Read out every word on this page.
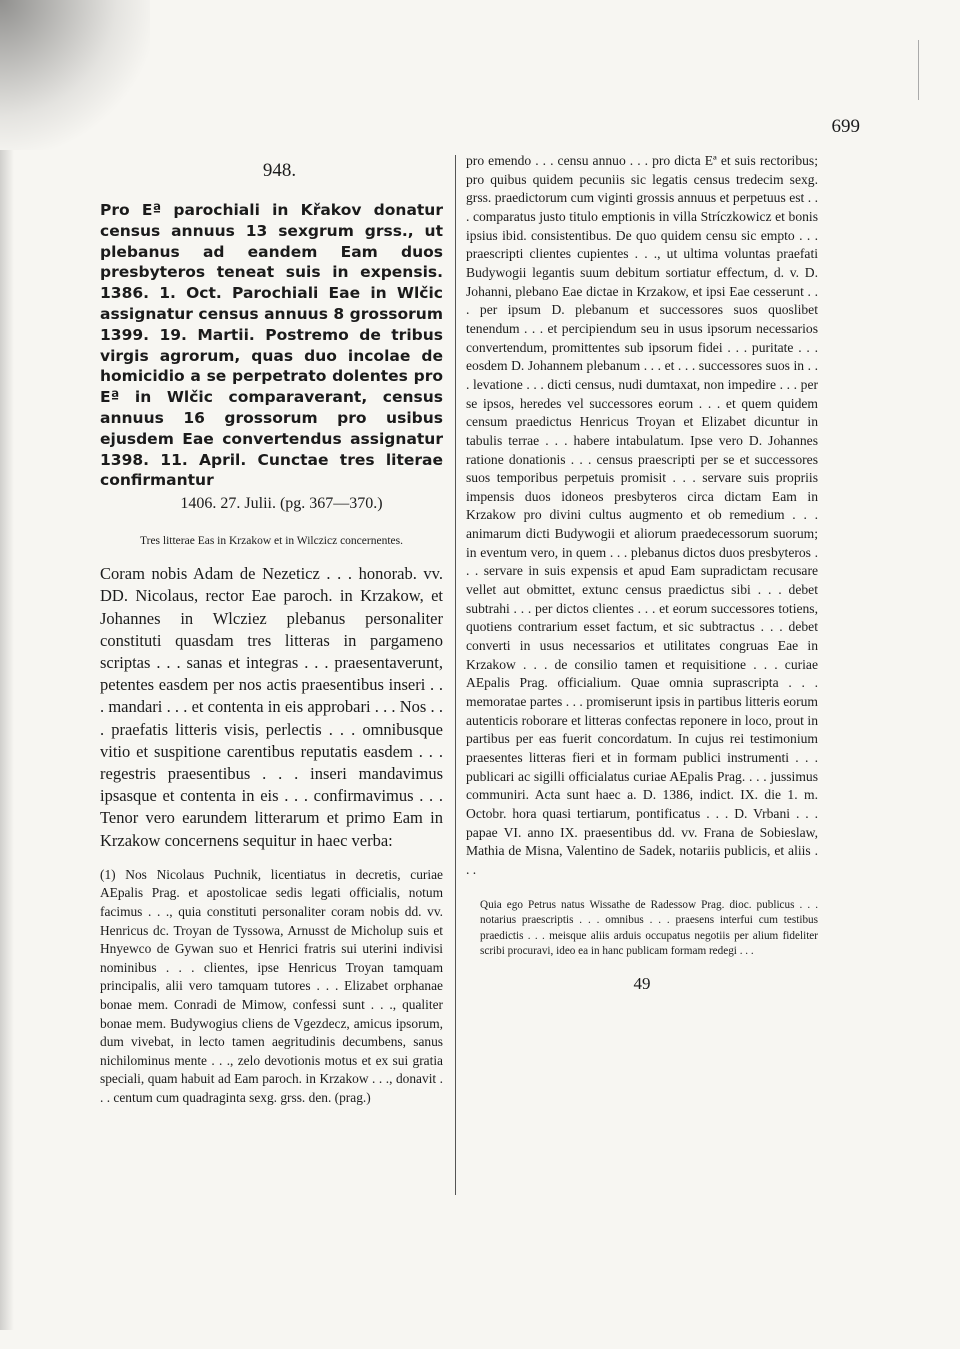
699
948.

Pro Eª parochiali in Křakov donatur census annuus 13 sexgrum grss., ut plebanus ad eandem Eam duos presbyteros teneat suis in expensis. 1386. 1. Oct. Parochiali Eae in Wlčic assignatur census annuus 8 grossorum 1399. 19. Martii. Postremo de tribus virgis agrorum, quas duo incolae de homicidio a se perpetrato dolentes pro Eª in Wlčic comparaverant, census annuus 16 grossorum pro usibus ejusdem Eae convertendus assignatur 1398. 11. April. Cunctae tres literae confirmantur

1406. 27. Julii. (pg. 367—370.)
Tres litterae Eas in Krzakow et in Wilczicz concernentes.

Coram nobis Adam de Nezeticz . . . honorab. vv. DD. Nicolaus, rector Eae paroch. in Krzakow, et Johannes in Wlcziez plebanus personaliter constituti quasdam tres litteras in pargameno scriptas . . . sanas et integras . . . praesentaverunt, petentes easdem per nos actis praesentibus inseri . . . mandari . . . et contenta in eis approbari . . . Nos . . . praefatis litteris visis, perlectis . . . omnibusque vitio et suspitione carentibus reputatis easdem . . . regestris praesentibus . . . inseri mandavimus ipsasque et contenta in eis . . . confirmavimus . . . Tenor vero earundem litterarum et primo Eam in Krzakow concernens sequitur in haec verba:

(1) Nos Nicolaus Puchnik, licentiatus in decretis, curiae AEpalis Prag. et apostolicae sedis legati officialis, notum facimus . . ., quia constituti personaliter coram nobis dd. vv. Henricus dc. Troyan de Tyssowa, Arnusst de Micholup suis et Hnyewco de Gywan suo et Henrici fratris sui uterini indivisi nominibus . . . clientes, ipse Henricus Troyan tamquam principalis, alii vero tamquam tutores . . . Elizabet orphanae bonae mem. Conradi de Mimow, confessi sunt . . ., qualiter bonae mem. Budywogius cliens de Vgezdecz, amicus ipsorum, dum vivebat, in lecto tamen aegritudinis decumbens, sanus nichilominus mente . . ., zelo devotionis motus et ex sui gratia speciali, quam habuit ad Eam paroch. in Krzakow . . ., donavit . . . centum cum quadraginta sexg. grss. den. (prag.)

pro emendo . . . censu annuo . . . pro dicta Eª et suis rectoribus; pro quibus quidem pecuniis sic legatis census tredecim sexg. grss. praedictorum cum viginti grossis annuus et perpetuus est . . . comparatus justo titulo emptionis in villa Stríczkowicz et bonis ipsius ibid. consistentibus. De quo quidem censu sic empto . . . praescripti clientes cupientes . . ., ut ultima voluntas praefati Budywogii legantis suum debitum sortiatur effectum, d. v. D. Johanni, plebano Eae dictae in Krzakow, et ipsi Eae cesserunt . . . per ipsum D. plebanum et successores suos quoslibet tenendum . . . et percipiendum seu in usus ipsorum necessarios convertendum, promittentes sub ipsorum fidei . . . puritate . . . eosdem D. Johannem plebanum . . . et . . . successores suos in . . . levatione . . . dicti census, nudi dumtaxat, non impedire . . . per se ipsos, heredes vel successores eorum . . . et quem quidem censum praedictus Henricus Troyan et Elizabet dicuntur in tabulis terrae . . . habere intabulatum. Ipse vero D. Johannes ratione donationis . . . census praescripti per se et successores suos temporibus perpetuis promisit . . . servare suis propriis impensis duos idoneos presbyteros circa dictam Eam in Krzakow pro divini cultus augmento et ob remedium . . . animarum dicti Budywogii et aliorum praedecessorum suorum; in eventum vero, in quem . . . plebanus dictos duos presbyteros . . . servare in suis expensis et apud Eam supradictam recusare vellet aut obmittet, extunc census praedictus sibi . . . debet subtrahi . . . per dictos clientes . . . et eorum successores totiens, quotiens contrarium esset factum, et sic subtractus . . . debet converti in usus necessarios et utilitates congruas Eae in Krzakow . . . de consilio tamen et requisitione . . . curiae AEpalis Prag. officialium. Quae omnia suprascripta . . . memoratae partes . . . promiserunt ipsis in partibus litteris eorum autenticis roborare et litteras confectas reponere in loco, prout in partibus per eas fuerit concordatum. In cujus rei testimonium praesentes litteras fieri et in formam publici instrumenti . . . publicari ac sigilli officialatus curiae AEpalis Prag. . . . jussimus communiri. Acta sunt haec a. D. 1386, indict. IX. die 1. m. Octobr. hora quasi tertiarum, pontificatus . . . D. Vrbani . . . papae VI. anno IX. praesentibus dd. vv. Frana de Sobieslaw, Mathia de Misna, Valentino de Sadek, notariis publicis, et aliis . . .

Quia ego Petrus natus Wissathe de Radessow Prag. dioc. publicus . . . notarius praescriptis . . . omnibus . . . praesens interfui cum testibus praedictis . . . meisque aliis arduis occupatus negotiis per alium fideliter scribi procuravi, ideo ea in hanc publicam formam redegi . . .

49
